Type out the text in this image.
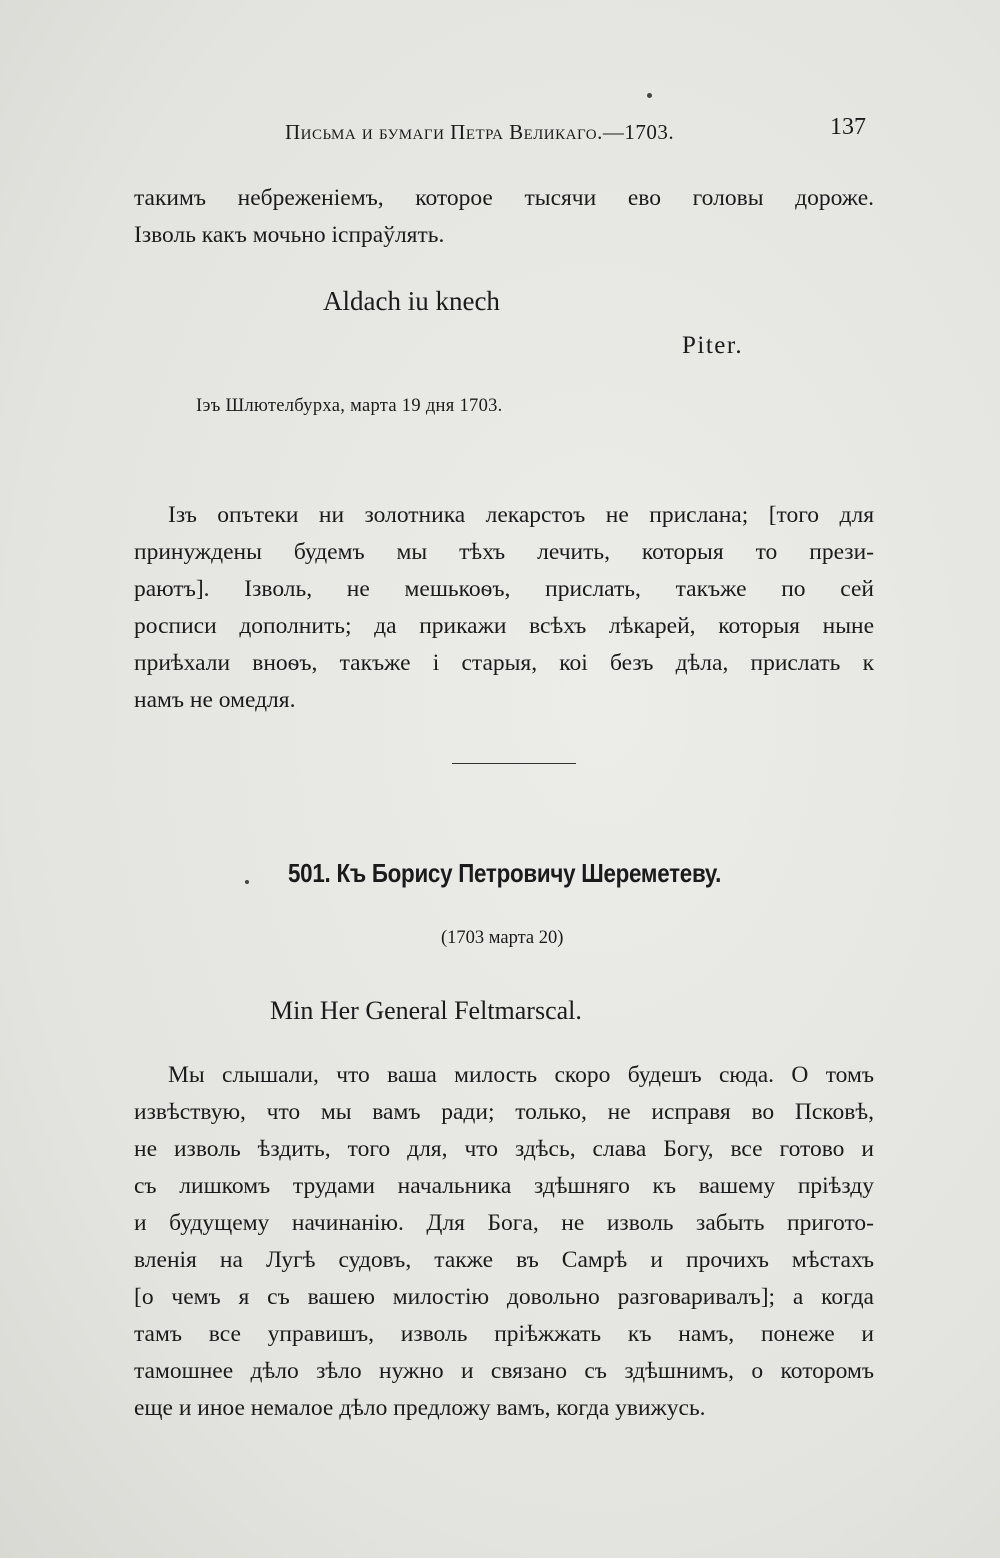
Письма и бумаги Петра Великаго.—1703.	137
такимъ небреженіемъ, которое тысячи ево головы дороже.
Ізволь какъ мочьно іспраўлять.
Aldach iu knech
Piter.
Іэъ Шлютелбурха, марта 19 дня 1703.
Ізъ опътеки ни золотника лекарстоъ не прислана; [того для
принуждены будемъ мы тѣхъ лечить, которыя то прези-
раютъ]. Ізволь, не мешькоѳъ, прислать, такъже по сей
росписи дополнить; да прикажи всѣхъ лѣкарей, которыя ныне
приѣхали вноѳъ, такъже і старыя, коі безъ дѣла, прислать к
намъ не омедля.
501. Къ Борису Петровичу Шереметеву.
(1703 марта 20)
Min Her General Feltmarscal.
Мы слышали, что ваша милость скоро будешъ сюда. О томъ
извѣствую, что мы вамъ ради; только, не исправя во Псковѣ,
не изволь ѣздить, того для, что здѣсь, слава Богу, все готово и
съ лишкомъ трудами начальника здѣшняго къ вашему пріѣзду
и будущему начинанію. Для Бога, не изволь забыть пригото-
вленія на Лугѣ судовъ, также въ Самрѣ и прочихъ мѣстахъ
[о чемъ я съ вашею милостію довольно разговаривалъ]; а когда
тамъ все управишъ, изволь пріѣжжать къ намъ, понеже и
тамошнее дѣло зѣло нужно и связано съ здѣшнимъ, о которомъ
еще и иное немалое дѣло предложу вамъ, когда увижусь.
